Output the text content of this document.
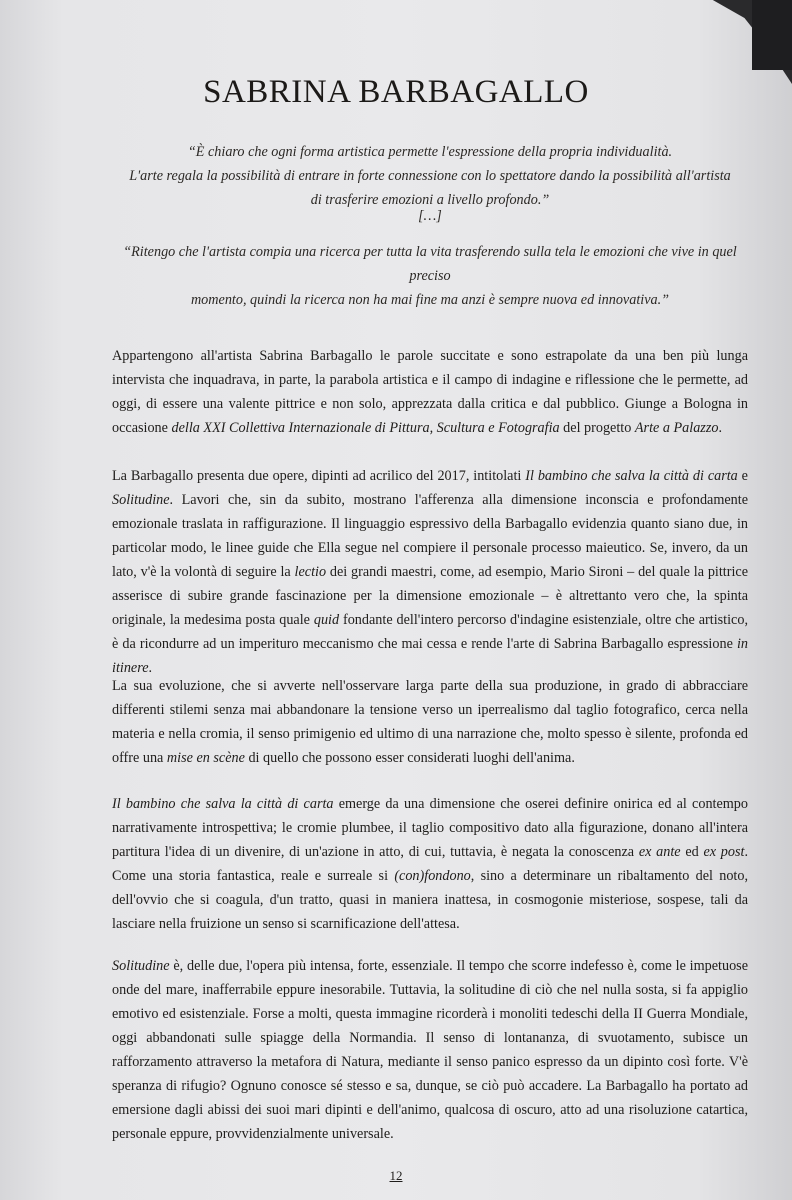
SABRINA BARBAGALLO
“È chiaro che ogni forma artistica permette l'espressione della propria individualità.
L'arte regala la possibilità di entrare in forte connessione con lo spettatore dando la possibilità all'artista
di trasferire emozioni a livello profondo.”
[…]
“Ritengo che l'artista compia una ricerca per tutta la vita trasferendo sulla tela le emozioni che vive in quel preciso
momento, quindi la ricerca non ha mai fine ma anzi è sempre nuova ed innovativa.”

Appartengono all'artista Sabrina Barbagallo le parole succitate e sono estrapolate da una ben più lunga intervista che inquadrava, in parte, la parabola artistica e il campo di indagine e riflessione che le permette, ad oggi, di essere una valente pittrice e non solo, apprezzata dalla critica e dal pubblico. Giunge a Bologna in occasione della XXI Collettiva Internazionale di Pittura, Scultura e Fotografia del progetto Arte a Palazzo.

La Barbagallo presenta due opere, dipinti ad acrilico del 2017, intitolati Il bambino che salva la città di carta e Solitudine. Lavori che, sin da subito, mostrano l'afferenza alla dimensione inconscia e profondamente emozionale traslata in raffigurazione. Il linguaggio espressivo della Barbagallo evidenzia quanto siano due, in particolar modo, le linee guide che Ella segue nel compiere il personale processo maieutico. Se, invero, da un lato, v'è la volontà di seguire la lectio dei grandi maestri, come, ad esempio, Mario Sironi – del quale la pittrice asserisce di subire grande fascinazione per la dimensione emozionale – è altrettanto vero che, la spinta originale, la medesima posta quale quid fondante dell'intero percorso d'indagine esistenziale, oltre che artistico, è da ricondurre ad un imperituro meccanismo che mai cessa e rende l'arte di Sabrina Barbagallo espressione in itinere.

La sua evoluzione, che si avverte nell'osservare larga parte della sua produzione, in grado di abbracciare differenti stilemi senza mai abbandonare la tensione verso un iperrealismo dal taglio fotografico, cerca nella materia e nella cromia, il senso primigenio ed ultimo di una narrazione che, molto spesso è silente, profonda ed offre una mise en scène di quello che possono esser considerati luoghi dell'anima.

Il bambino che salva la città di carta emerge da una dimensione che oserei definire onirica ed al contempo narrativamente introspettiva; le cromie plumbee, il taglio compositivo dato alla figurazione, donano all'intera partitura l'idea di un divenire, di un'azione in atto, di cui, tuttavia, è negata la conoscenza ex ante ed ex post. Come una storia fantastica, reale e surreale si (con)fondono, sino a determinare un ribaltamento del noto, dell'ovvio che si coagula, d'un tratto, quasi in maniera inattesa, in cosmogonie misteriose, sospese, tali da lasciare nella fruizione un senso si scarnificazione dell'attesa.

Solitudine è, delle due, l'opera più intensa, forte, essenziale. Il tempo che scorre indefesso è, come le impetuose onde del mare, inafferrabile eppure inesorabile. Tuttavia, la solitudine di ciò che nel nulla sosta, si fa appiglio emotivo ed esistenziale. Forse a molti, questa immagine ricorderà i monoliti tedeschi della II Guerra Mondiale, oggi abbandonati sulle spiagge della Normandia. Il senso di lontananza, di svuotamento, subisce un rafforzamento attraverso la metafora di Natura, mediante il senso panico espresso da un dipinto così forte. V'è speranza di rifugio? Ognuno conosce sé stesso e sa, dunque, se ciò può accadere. La Barbagallo ha portato ad emersione dagli abissi dei suoi mari dipinti e dell'animo, qualcosa di oscuro, atto ad una risoluzione catartica, personale eppure, provvidenzialmente universale.

12
